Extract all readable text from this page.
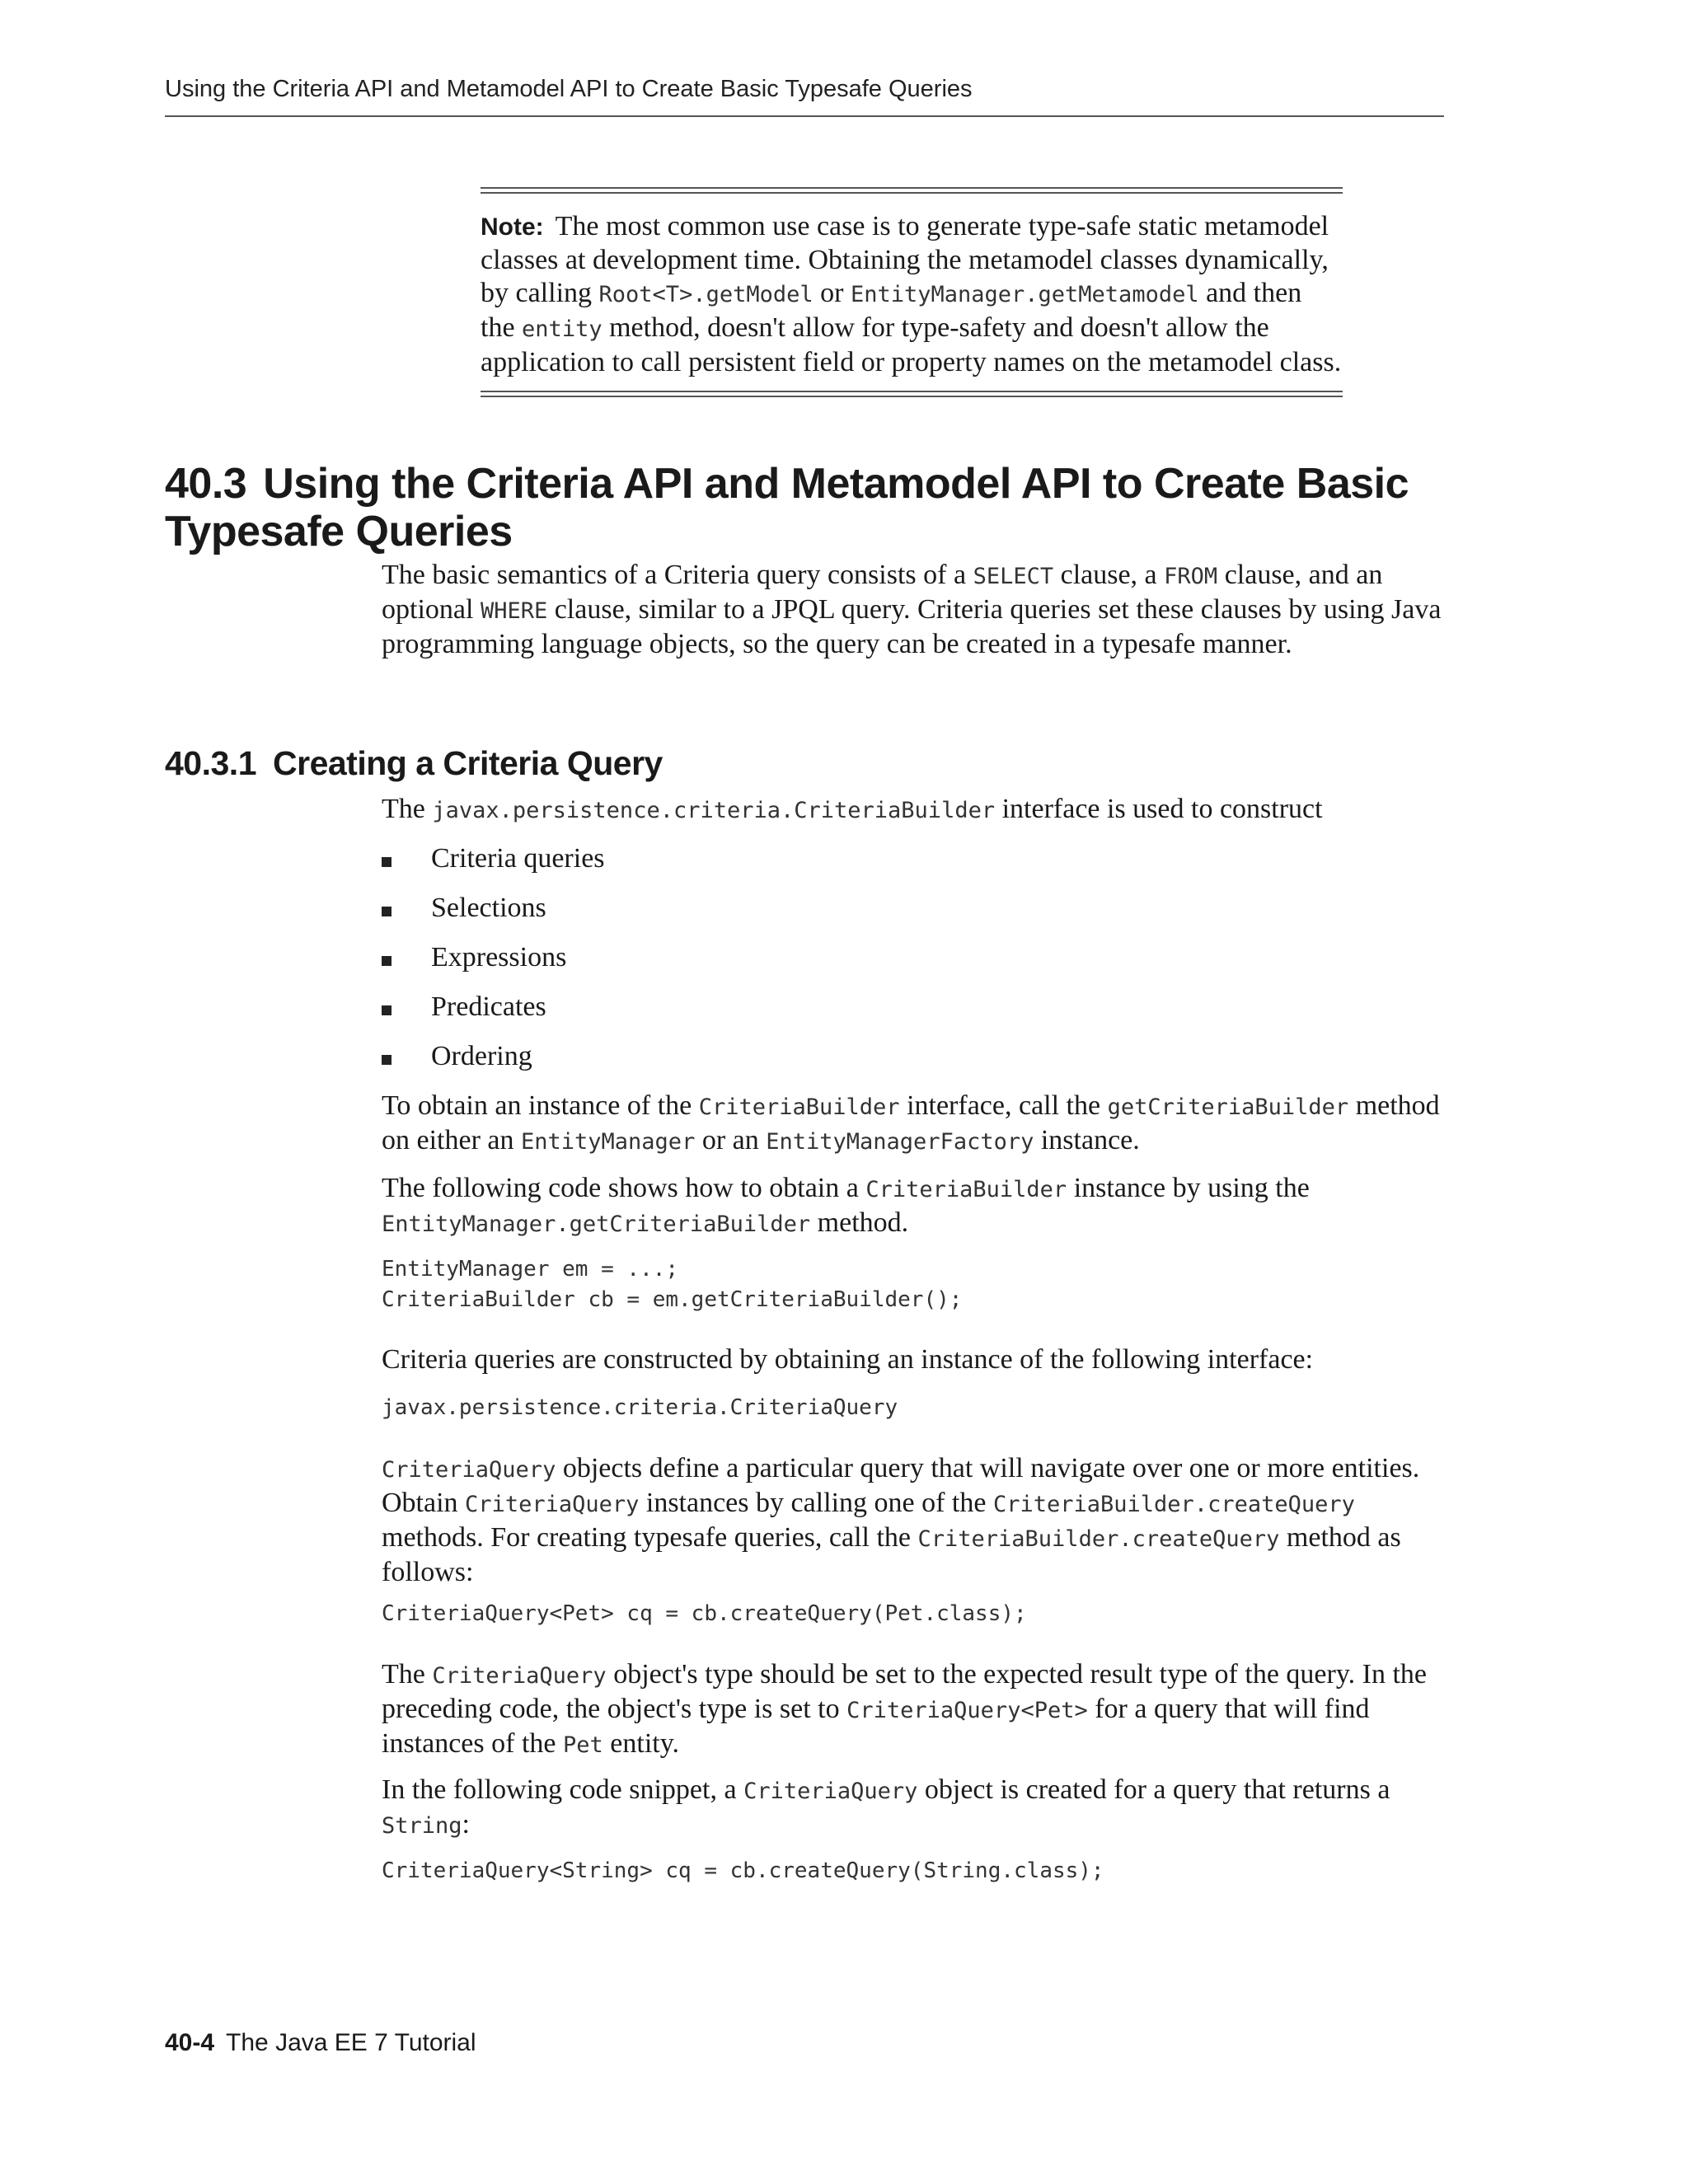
Using the Criteria API and Metamodel API to Create Basic Typesafe Queries
Note: The most common use case is to generate type-safe static metamodel classes at development time. Obtaining the metamodel classes dynamically, by calling Root<T>.getModel or EntityManager.getMetamodel and then the entity method, doesn't allow for type-safety and doesn't allow the application to call persistent field or property names on the metamodel class.
40.3 Using the Criteria API and Metamodel API to Create Basic Typesafe Queries

The basic semantics of a Criteria query consists of a SELECT clause, a FROM clause, and an optional WHERE clause, similar to a JPQL query. Criteria queries set these clauses by using Java programming language objects, so the query can be created in a typesafe manner.

40.3.1 Creating a Criteria Query

The javax.persistence.criteria.CriteriaBuilder interface is used to construct

Criteria queries
Selections
Expressions
Predicates
Ordering

To obtain an instance of the CriteriaBuilder interface, call the getCriteriaBuilder method on either an EntityManager or an EntityManagerFactory instance.

The following code shows how to obtain a CriteriaBuilder instance by using the EntityManager.getCriteriaBuilder method.

EntityManager em = ...;
CriteriaBuilder cb = em.getCriteriaBuilder();

Criteria queries are constructed by obtaining an instance of the following interface:

javax.persistence.criteria.CriteriaQuery

CriteriaQuery objects define a particular query that will navigate over one or more entities. Obtain CriteriaQuery instances by calling one of the CriteriaBuilder.createQuery methods. For creating typesafe queries, call the CriteriaBuilder.createQuery method as follows:

CriteriaQuery<Pet> cq = cb.createQuery(Pet.class);

The CriteriaQuery object's type should be set to the expected result type of the query. In the preceding code, the object's type is set to CriteriaQuery<Pet> for a query that will find instances of the Pet entity.

In the following code snippet, a CriteriaQuery object is created for a query that returns a String:

CriteriaQuery<String> cq = cb.createQuery(String.class);
40-4 The Java EE 7 Tutorial
